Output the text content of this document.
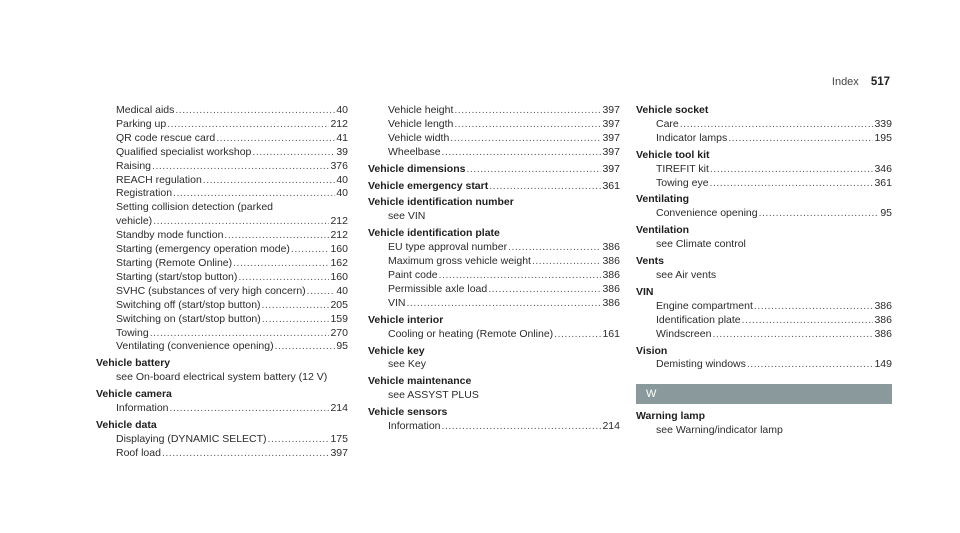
Index 517
Medical aids .....	40
Parking up .....	212
QR code rescue card .....	41
Qualified specialist workshop .....	39
Raising .....	376
REACH regulation .....	40
Registration .....	40
Setting collision detection (parked
vehicle) .....	212
Standby mode function .....	212
Starting (emergency operation mode) .....	160
Starting (Remote Online) .....	162
Starting (start/stop button) .....	160
SVHC (substances of very high concern) .....	40
Switching off (start/stop button) .....	205
Switching on (start/stop button) .....	159
Towing .....	270
Ventilating (convenience opening) .....	95
Vehicle battery
see On-board electrical system battery (12 V)
Vehicle camera
Information .....	214
Vehicle data
Displaying (DYNAMIC SELECT) .....	175
Roof load .....	397
Vehicle height .....	397
Vehicle length .....	397
Vehicle width .....	397
Wheelbase .....	397
Vehicle dimensions .....	397
Vehicle emergency start .....	361
Vehicle identification number
see VIN
Vehicle identification plate
EU type approval number .....	386
Maximum gross vehicle weight .....	386
Paint code .....	386
Permissible axle load .....	386
VIN .....	386
Vehicle interior
Cooling or heating (Remote Online) .....	161
Vehicle key
see Key
Vehicle maintenance
see ASSYST PLUS
Vehicle sensors
Information .....	214
Vehicle socket
Care .....	339
Indicator lamps .....	195
Vehicle tool kit
TIREFIT kit .....	346
Towing eye .....	361
Ventilating
Convenience opening .....	95
Ventilation
see Climate control
Vents
see Air vents
VIN
Engine compartment .....	386
Identification plate .....	386
Windscreen .....	386
Vision
Demisting windows .....	149
W
Warning lamp
see Warning/indicator lamp
